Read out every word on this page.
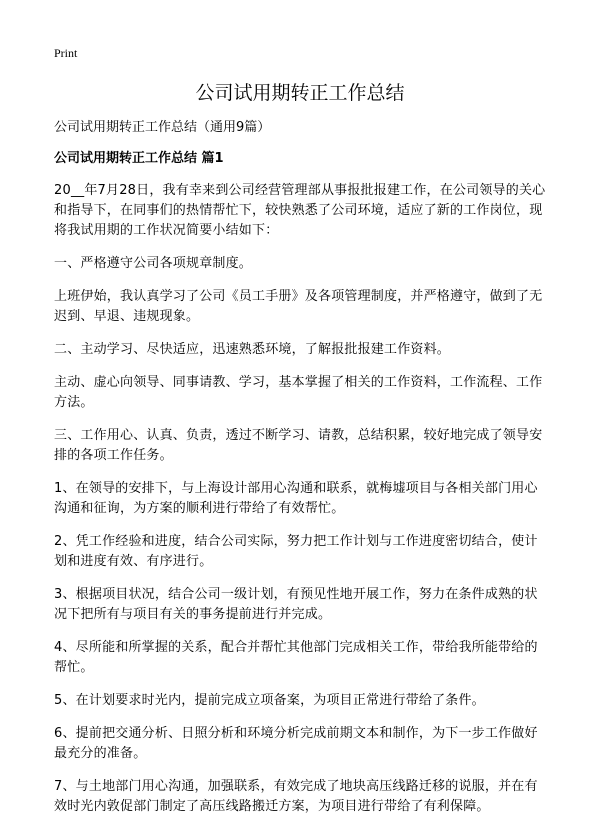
Print
公司试用期转正工作总结

公司试用期转正工作总结（通用9篇）

公司试用期转正工作总结 篇1

20__年7月28日，我有幸来到公司经营管理部从事报批报建工作，在公司领导的关心和指导下，在同事们的热情帮忙下，较快熟悉了公司环境，适应了新的工作岗位，现将我试用期的工作状况简要小结如下：

一、严格遵守公司各项规章制度。

上班伊始，我认真学习了公司《员工手册》及各项管理制度，并严格遵守，做到了无迟到、早退、违规现象。

二、主动学习、尽快适应，迅速熟悉环境，了解报批报建工作资料。

主动、虚心向领导、同事请教、学习，基本掌握了相关的工作资料，工作流程、工作方法。

三、工作用心、认真、负责，透过不断学习、请教，总结积累，较好地完成了领导安排的各项工作任务。

1、在领导的安排下，与上海设计部用心沟通和联系，就梅墟项目与各相关部门用心沟通和征询，为方案的顺利进行带给了有效帮忙。

2、凭工作经验和进度，结合公司实际，努力把工作计划与工作进度密切结合，使计划和进度有效、有序进行。

3、根据项目状况，结合公司一级计划，有预见性地开展工作，努力在条件成熟的状况下把所有与项目有关的事务提前进行并完成。

4、尽所能和所掌握的关系，配合并帮忙其他部门完成相关工作，带给我所能带给的帮忙。

5、在计划要求时光内，提前完成立项备案，为项目正常进行带给了条件。

6、提前把交通分析、日照分析和环境分析完成前期文本和制作，为下一步工作做好最充分的准备。

7、与土地部门用心沟通，加强联系，有效完成了地块高压线路迁移的说服，并在有效时光内敦促部门制定了高压线路搬迁方案，为项目进行带给了有利保障。
